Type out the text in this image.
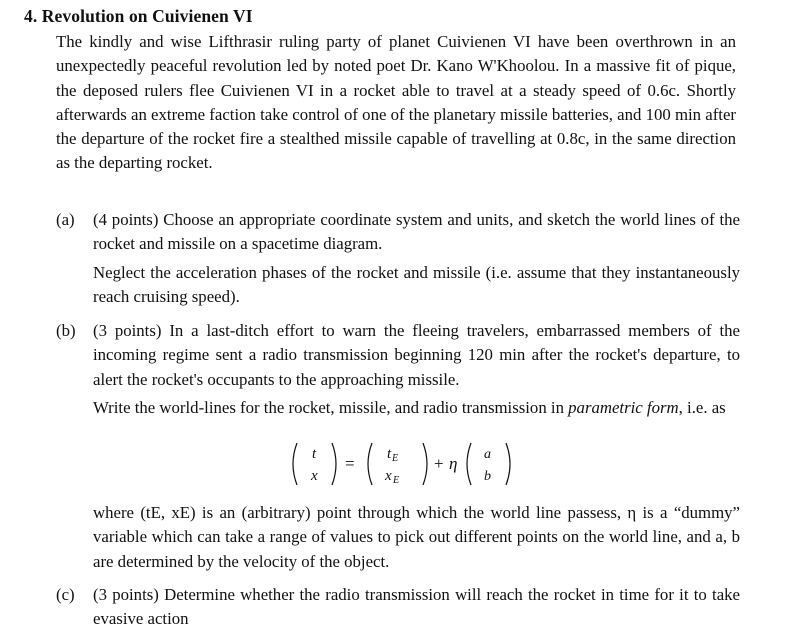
4. Revolution on Cuivienen VI
The kindly and wise Lifthrasir ruling party of planet Cuivienen VI have been overthrown in an unexpectedly peaceful revolution led by noted poet Dr. Kano W'Khoolou. In a massive fit of pique, the deposed rulers flee Cuivienen VI in a rocket able to travel at a steady speed of 0.6c. Shortly afterwards an extreme faction take control of one of the planetary missile batteries, and 100 min after the departure of the rocket fire a stealthed missile capable of travelling at 0.8c, in the same direction as the departing rocket.
(a)	(4 points) Choose an appropriate coordinate system and units, and sketch the world lines of the rocket and missile on a spacetime diagram.

Neglect the acceleration phases of the rocket and missile (i.e. assume that they instantaneously reach cruising speed).

(b)	(3 points) In a last-ditch effort to warn the fleeing travelers, embarrassed members of the incoming regime sent a radio transmission beginning 120 min after the rocket's departure, to alert the rocket's occupants to the approaching missile.

Write the world-lines for the rocket, missile, and radio transmission in parametric form, i.e. as

t
x
= t E
x E
+ η a
b
where (tE, xE) is an (arbitrary) point through which the world line passess, η is a “dummy” variable which can take a range of values to pick out different points on the world line, and a, b are determined by the velocity of the object.
(c)	(3 points) Determine whether the radio transmission will reach the rocket in time for it to take evasive action
